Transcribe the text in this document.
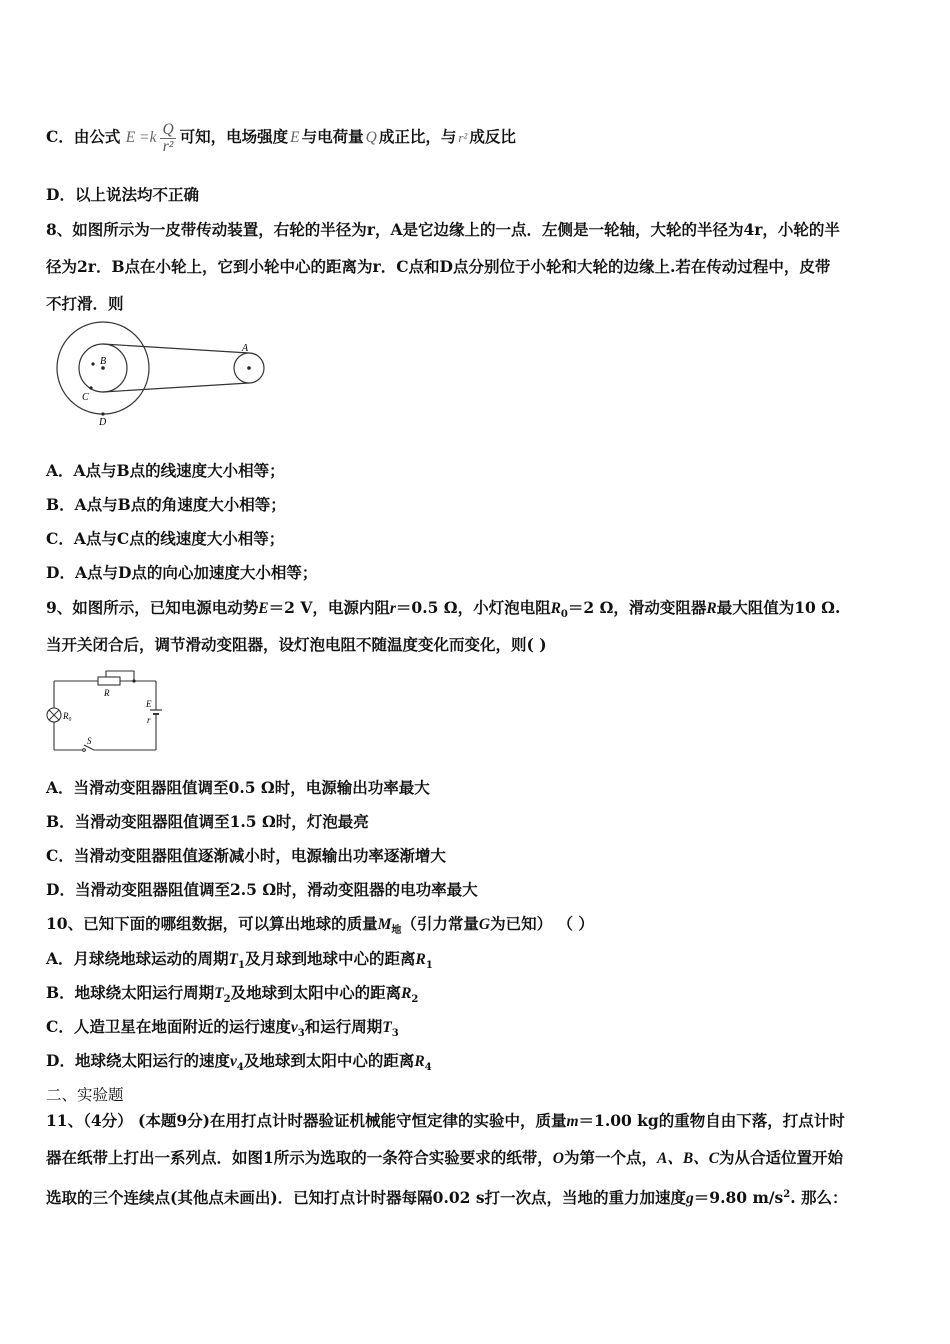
C．由公式 $E =k \frac{Q}{\text{r²}}$ 可知，电场强度 E 与电荷量 Q 成正比，与 r² 成反比
D．以上说法均不正确
8、如图所示为一皮带传动装置，右轮的半径为r，A是它边缘上的一点．左侧是一轮轴，大轮的半径为4r，小轮的半
径为2r．B点在小轮上，它到小轮中心的距离为r．C点和D点分别位于小轮和大轮的边缘上.若在传动过程中，皮带
不打滑．则
A
B
C
D
A．A点与B点的线速度大小相等；
B．A点与B点的角速度大小相等；
C．A点与C点的线速度大小相等；
D．A点与D点的向心加速度大小相等；
9、如图所示，已知电源电动势E＝2 V，电源内阻r＝0.5 Ω，小灯泡电阻$R_0=2$ Ω，滑动变阻器R最大阻值为10 Ω.
当开关闭合后，调节滑动变阻器，设灯泡电阻不随温度变化而变化，则( )
R
E
r
R₀
S
A．当滑动变阻器阻值调至0.5 Ω时，电源输出功率最大
B．当滑动变阻器阻值调至1.5 Ω时，灯泡最亮
C．当滑动变阻器阻值逐渐减小时，电源输出功率逐渐增大
D．当滑动变阻器阻值调至2.5 Ω时，滑动变阻器的电功率最大
10、已知下面的哪组数据，可以算出地球的质量$M_地$（引力常量G为已知） （ ）
A．月球绕地球运动的周期$T_1$及月球到地球中心的距离$R_1$
B．地球绕太阳运行周期$T_2$及地球到太阳中心的距离$R_2$
C．人造卫星在地面附近的运行速度$v_3$和运行周期$T_3$
D．地球绕太阳运行的速度$v_4$及地球到太阳中心的距离$R_4$
二、实验题
11、（4分） (本题9分)在用打点计时器验证机械能守恒定律的实验中，质量m＝1.00 kg的重物自由下落，打点计时
器在纸带上打出一系列点．如图1所示为选取的一条符合实验要求的纸带，O为第一个点，A、B、C为从合适位置开始
选取的三个连续点(其他点未画出)．已知打点计时器每隔0.02 s打一次点，当地的重力加速度g＝9.80 $m/s^2$. 那么：
